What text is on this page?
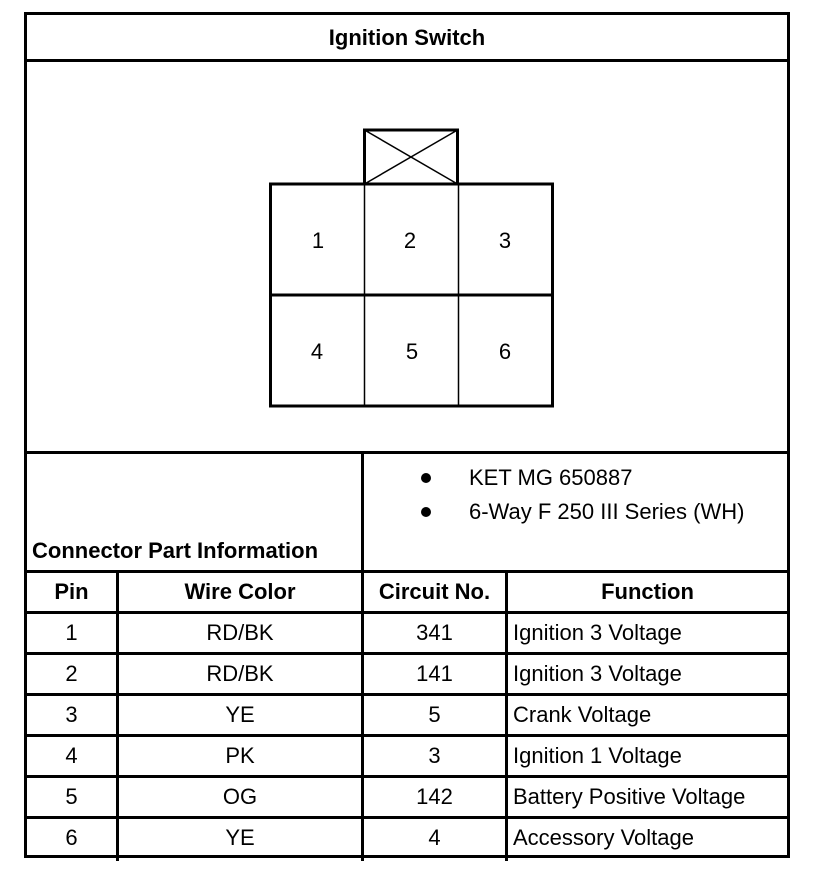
Ignition Switch
1	2	3
4	5	6
Connector Part Information
KET MG 650887
6-Way F 250 III Series (WH)
Pin	Wire Color	Circuit No.	Function
1	RD/BK	341	Ignition 3 Voltage
2	RD/BK	141	Ignition 3 Voltage
3	YE	5	Crank Voltage
4	PK	3	Ignition 1 Voltage
5	OG	142	Battery Positive Voltage
6	YE	4	Accessory Voltage
